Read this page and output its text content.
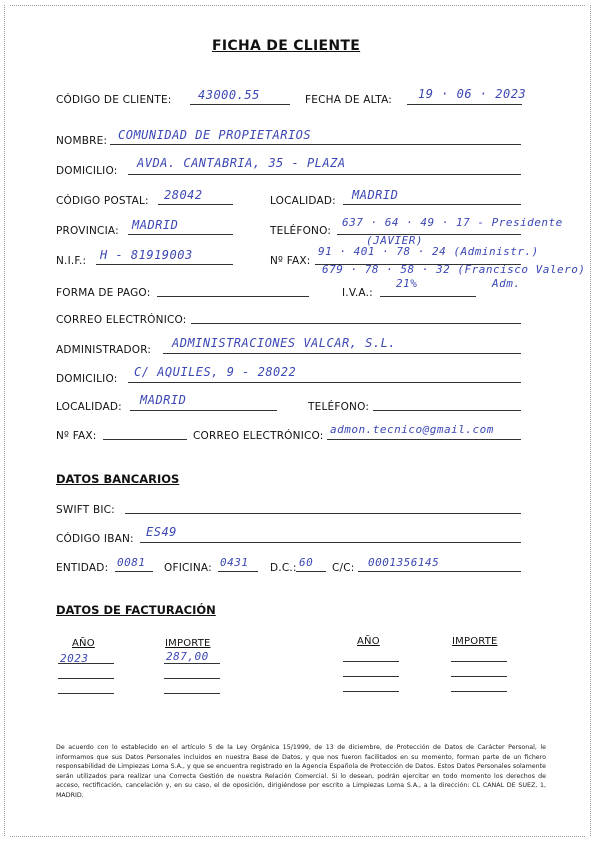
FICHA DE CLIENTE
CÓDIGO DE CLIENTE: 43000.55	FECHA DE ALTA: 19 · 06 · 2023
NOMBRE: COMUNIDAD DE PROPIETARIOS
DOMICILIO:
AVDA. CANTABRIA, 35 - PLAZA
CÓDIGO POSTAL: 28042	LOCALIDAD: MADRID
PROVINCIA: MADRID	TELÉFONO:
637 · 64 · 49 · 17 - Presidente
(JAVIER)
N.I.F.: H - 81919003	Nº FAX:
91 · 401 · 78 · 24 (Administr.)
679 · 78 · 58 · 32 (Francisco Valero)
Adm.
FORMA DE PAGO:	I.V.A.:
21%
CORREO ELECTRÓNICO:
ADMINISTRADOR: ADMINISTRACIONES VALCAR, S.L.
DOMICILIO: C/ AQUILES, 9 - 28022
LOCALIDAD: MADRID	TELÉFONO:
Nº FAX:	CORREO ELECTRÓNICO: admon.tecnico@gmail.com
DATOS BANCARIOS
SWIFT BIC:
CÓDIGO IBAN: ES49
ENTIDAD: 0081 OFICINA: 0431 D.C.: 60 C/C: 0001356145
DATOS DE FACTURACIÓN
AÑO	IMPORTE	AÑO	IMPORTE
2023	287,00
De acuerdo con lo establecido en el artículo 5 de la Ley Orgánica 15/1999, de 13 de diciembre, de Protección de Datos de Carácter Personal, le informamos que sus Datos Personales incluidos en nuestra Base de Datos, y que nos fueron facilitados en su momento, forman parte de un fichero responsabilidad de Limpiezas Loma S.A., y que se encuentra registrado en la Agencia Española de Protección de Datos. Estos Datos Personales solamente serán utilizados para realizar una Correcta Gestión de nuestra Relación Comercial. Si lo desean, podrán ejercitar en todo momento los derechos de acceso, rectificación, cancelación y, en su caso, el de oposición, dirigiéndose por escrito a Limpiezas Loma S.A., a la dirección: CL CANAL DE SUEZ, 1, MADRID.
